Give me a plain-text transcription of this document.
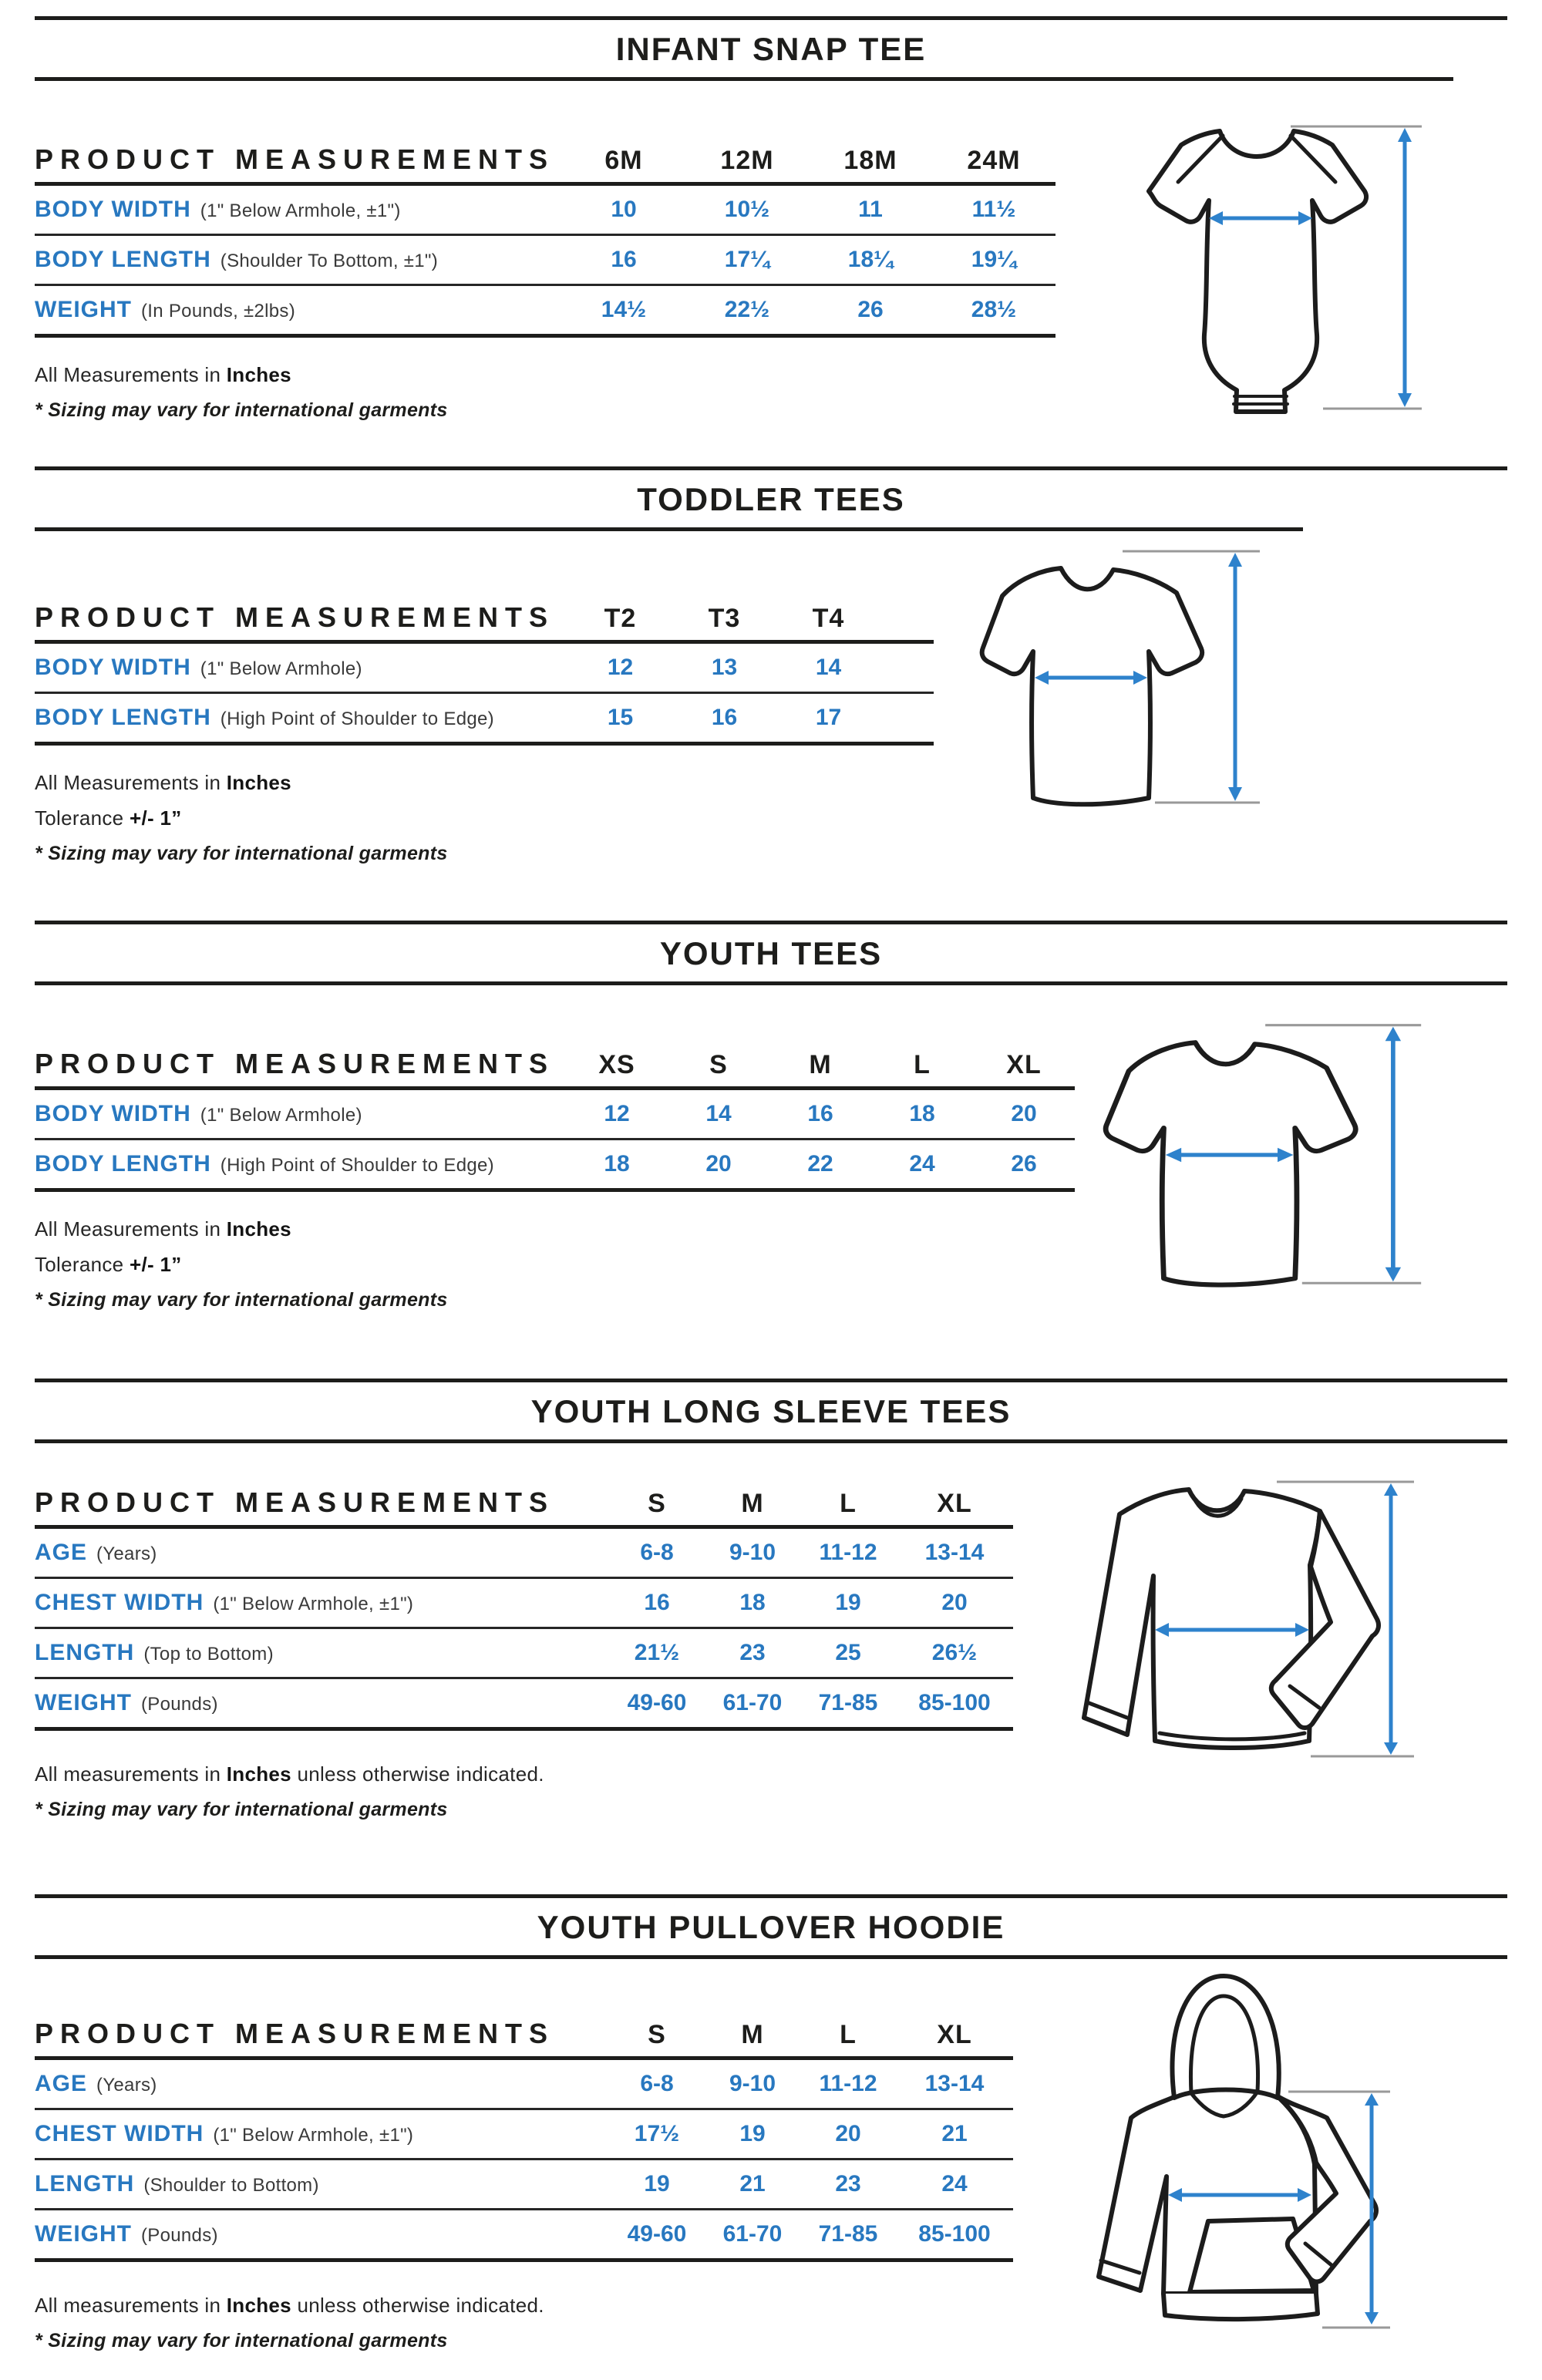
INFANT SNAP TEE
PRODUCT MEASUREMENTS	6M	12M	18M	24M
BODY WIDTH (1" Below Armhole, ±1")	10	10½	11	11½
BODY LENGTH (Shoulder To Bottom, ±1")	16	17¼	18¼	19¼
WEIGHT (In Pounds, ±2lbs)	14½	22½	26	28½

All Measurements in Inches

* Sizing may vary for international garments

TODDLER TEES
PRODUCT MEASUREMENTS	T2	T3	T4
BODY WIDTH (1" Below Armhole)	12	13	14
BODY LENGTH (High Point of Shoulder to Edge)	15	16	17

All Measurements in Inches

Tolerance +/- 1”

* Sizing may vary for international garments

YOUTH TEES
PRODUCT MEASUREMENTS	XS	S	M	L	XL
BODY WIDTH (1" Below Armhole)	12	14	16	18	20
BODY LENGTH (High Point of Shoulder to Edge)	18	20	22	24	26

All Measurements in Inches

Tolerance +/- 1”

* Sizing may vary for international garments

YOUTH LONG SLEEVE TEES
PRODUCT MEASUREMENTS	S	M	L	XL
AGE (Years)	6-8	9-10	11-12	13-14
CHEST WIDTH (1" Below Armhole, ±1")	16	18	19	20
LENGTH (Top to Bottom)	21½	23	25	26½
WEIGHT (Pounds)	49-60	61-70	71-85	85-100

All measurements in Inches unless otherwise indicated.

* Sizing may vary for international garments

YOUTH PULLOVER HOODIE
PRODUCT MEASUREMENTS	S	M	L	XL
AGE (Years)	6-8	9-10	11-12	13-14
CHEST WIDTH (1" Below Armhole, ±1")	17½	19	20	21
LENGTH (Shoulder to Bottom)	19	21	23	24
WEIGHT (Pounds)	49-60	61-70	71-85	85-100

All measurements in Inches unless otherwise indicated.

* Sizing may vary for international garments
